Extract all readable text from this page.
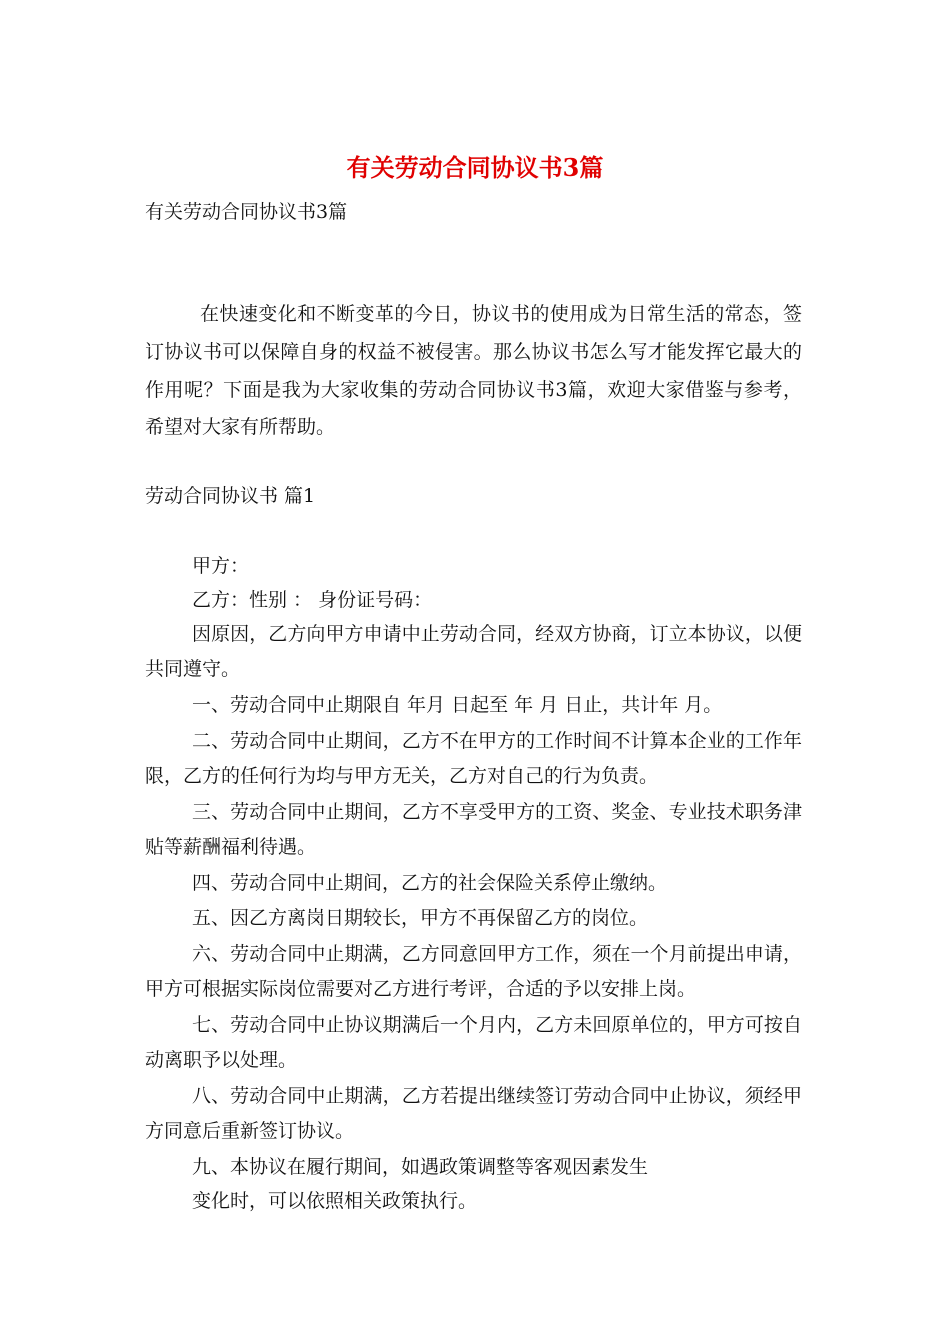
有关劳动合同协议书3篇
有关劳动合同协议书3篇
在快速变化和不断变革的今日，协议书的使用成为日常生活的常态，签
订协议书可以保障自身的权益不被侵害。那么协议书怎么写才能发挥它最大的
作用呢？下面是我为大家收集的劳动合同协议书3篇，欢迎大家借鉴与参考，
希望对大家有所帮助。
劳动合同协议书 篇1
甲方：
乙方：性别 ： 身份证号码：
因原因，乙方向甲方申请中止劳动合同，经双方协商，订立本协议，以便
共同遵守。
一、劳动合同中止期限自 年月 日起至 年 月 日止，共计年 月。
二、劳动合同中止期间，乙方不在甲方的工作时间不计算本企业的工作年
限，乙方的任何行为均与甲方无关，乙方对自己的行为负责。
三、劳动合同中止期间，乙方不享受甲方的工资、奖金、专业技术职务津
贴等薪酬福利待遇。
四、劳动合同中止期间，乙方的社会保险关系停止缴纳。
五、因乙方离岗日期较长，甲方不再保留乙方的岗位。
六、劳动合同中止期满，乙方同意回甲方工作，须在一个月前提出申请，
甲方可根据实际岗位需要对乙方进行考评，合适的予以安排上岗。
七、劳动合同中止协议期满后一个月内，乙方未回原单位的，甲方可按自
动离职予以处理。
八、劳动合同中止期满，乙方若提出继续签订劳动合同中止协议，须经甲
方同意后重新签订协议。
九、本协议在履行期间，如遇政策调整等客观因素发生
变化时，可以依照相关政策执行。
